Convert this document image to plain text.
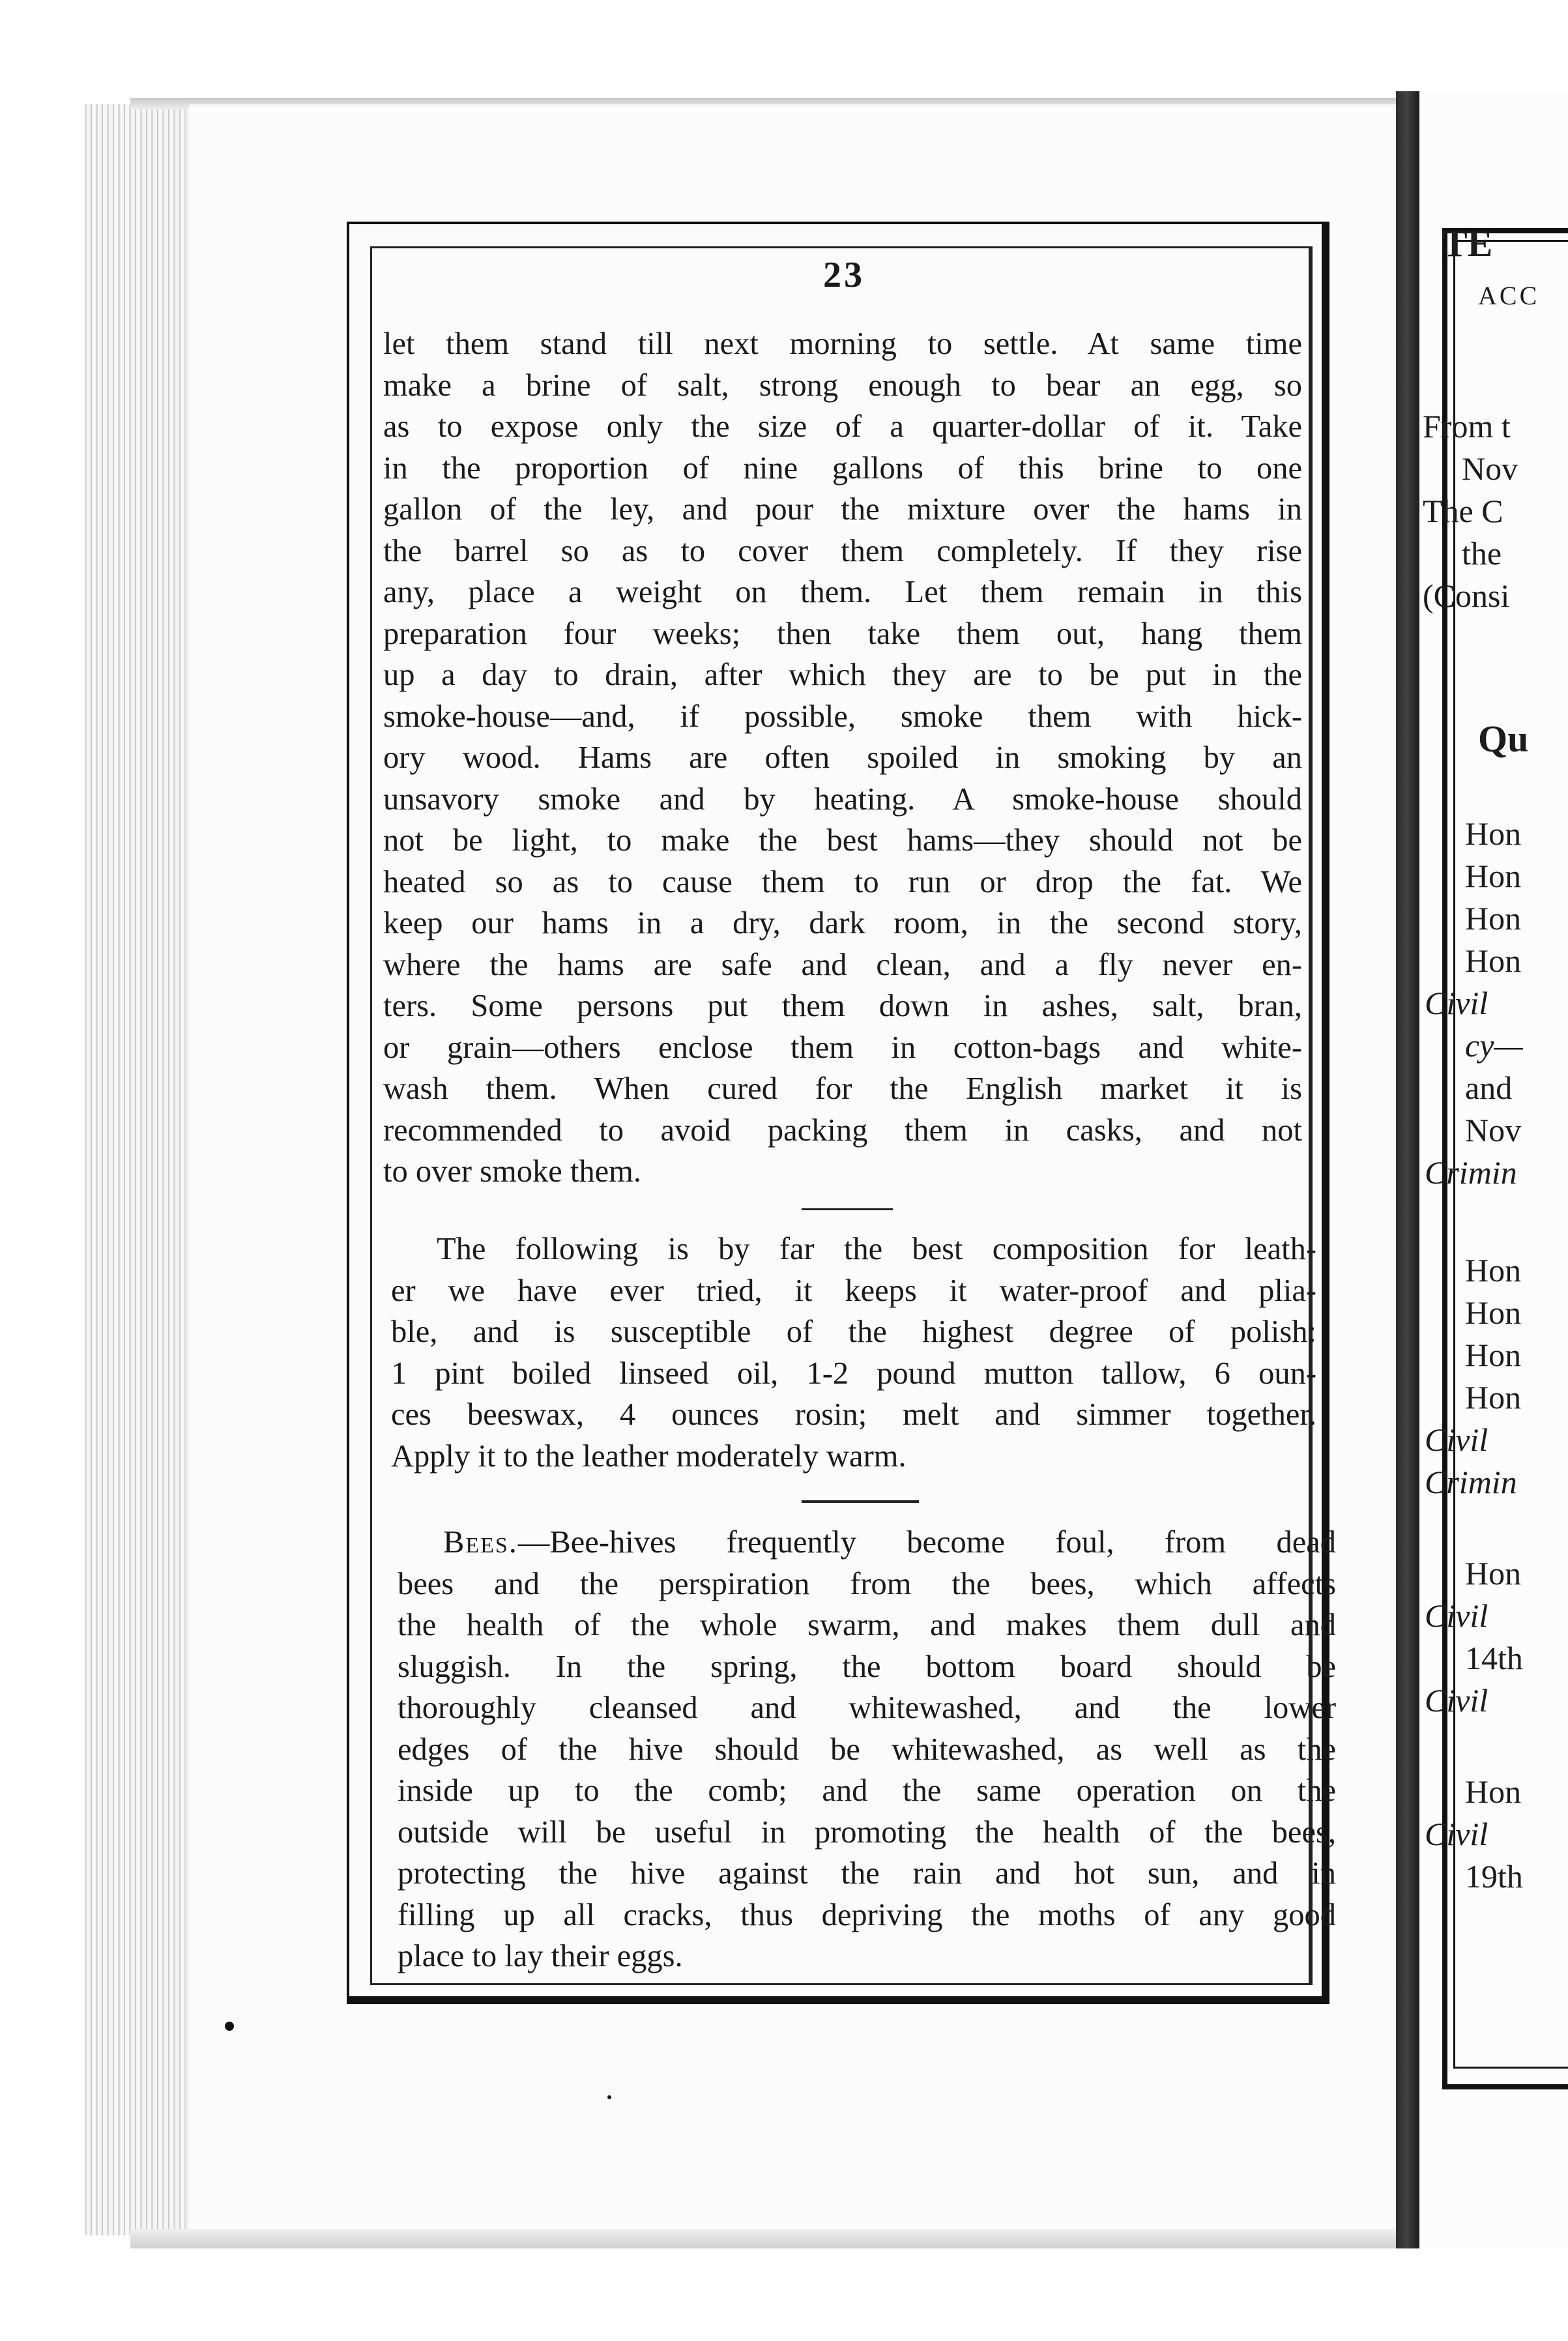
TE
ACC
From t
Nov
The C
the
(Consi
Qu
Hon
Hon
Hon
Hon
Civil
cy—
and
Nov
Crimin
Hon
Hon
Hon
Hon
Civil
Crimin
Hon
Civil
14th
Civil
Hon
Civil
19th
23
let them stand till next morning to settle. At same time
make a brine of salt, strong enough to bear an egg, so
as to expose only the size of a quarter-dollar of it. Take
in the proportion of nine gallons of this brine to one
gallon of the ley, and pour the mixture over the hams in
the barrel so as to cover them completely. If they rise
any, place a weight on them. Let them remain in this
preparation four weeks; then take them out, hang them
up a day to drain, after which they are to be put in the
smoke-house—and, if possible, smoke them with hick-
ory wood. Hams are often spoiled in smoking by an
unsavory smoke and by heating. A smoke-house should
not be light, to make the best hams—they should not be
heated so as to cause them to run or drop the fat. We
keep our hams in a dry, dark room, in the second story,
where the hams are safe and clean, and a fly never en-
ters. Some persons put them down in ashes, salt, bran,
or grain—others enclose them in cotton-bags and white-
wash them. When cured for the English market it is
recommended to avoid packing them in casks, and not
to over smoke them.
The following is by far the best composition for leath-
er we have ever tried, it keeps it water-proof and plia-
ble, and is susceptible of the highest degree of polish:
1 pint boiled linseed oil, 1-2 pound mutton tallow, 6 oun-
ces beeswax, 4 ounces rosin; melt and simmer together.
Apply it to the leather moderately warm.
Bees.—Bee-hives frequently become foul, from dead
bees and the perspiration from the bees, which affects
the health of the whole swarm, and makes them dull and
sluggish. In the spring, the bottom board should be
thoroughly cleansed and whitewashed, and the lower
edges of the hive should be whitewashed, as well as the
inside up to the comb; and the same operation on the
outside will be useful in promoting the health of the bees,
protecting the hive against the rain and hot sun, and in
filling up all cracks, thus depriving the moths of any good
place to lay their eggs.
